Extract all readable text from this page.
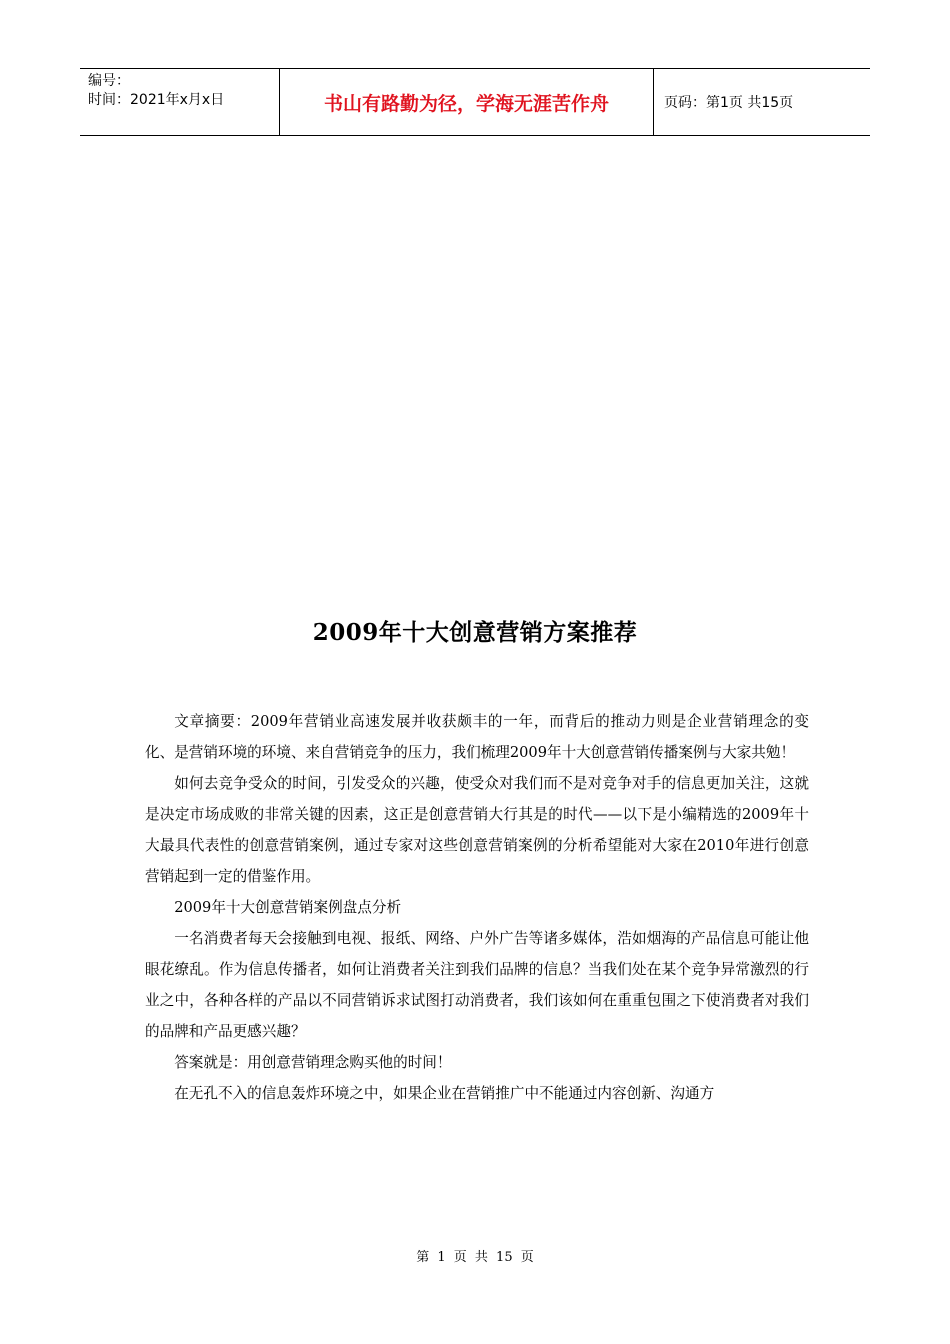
编号：
时间：2021年x月x日	书山有路勤为径，学海无涯苦作舟	页码：第1页 共15页
2009年十大创意营销方案推荐

文章摘要：2009年营销业高速发展并收获颇丰的一年，而背后的推动力则是企业营销理念的变化、是营销环境的环境、来自营销竞争的压力，我们梳理2009年十大创意营销传播案例与大家共勉！

如何去竞争受众的时间，引发受众的兴趣，使受众对我们而不是对竞争对手的信息更加关注，这就是决定市场成败的非常关键的因素，这正是创意营销大行其是的时代——以下是小编精选的2009年十大最具代表性的创意营销案例，通过专家对这些创意营销案例的分析希望能对大家在2010年进行创意营销起到一定的借鉴作用。

2009年十大创意营销案例盘点分析

一名消费者每天会接触到电视、报纸、网络、户外广告等诸多媒体，浩如烟海的产品信息可能让他眼花缭乱。作为信息传播者，如何让消费者关注到我们品牌的信息？当我们处在某个竞争异常激烈的行业之中，各种各样的产品以不同营销诉求试图打动消费者，我们该如何在重重包围之下使消费者对我们的品牌和产品更感兴趣？

答案就是：用创意营销理念购买他的时间！

在无孔不入的信息轰炸环境之中，如果企业在营销推广中不能通过内容创新、沟通方

第 1 页 共 15 页
